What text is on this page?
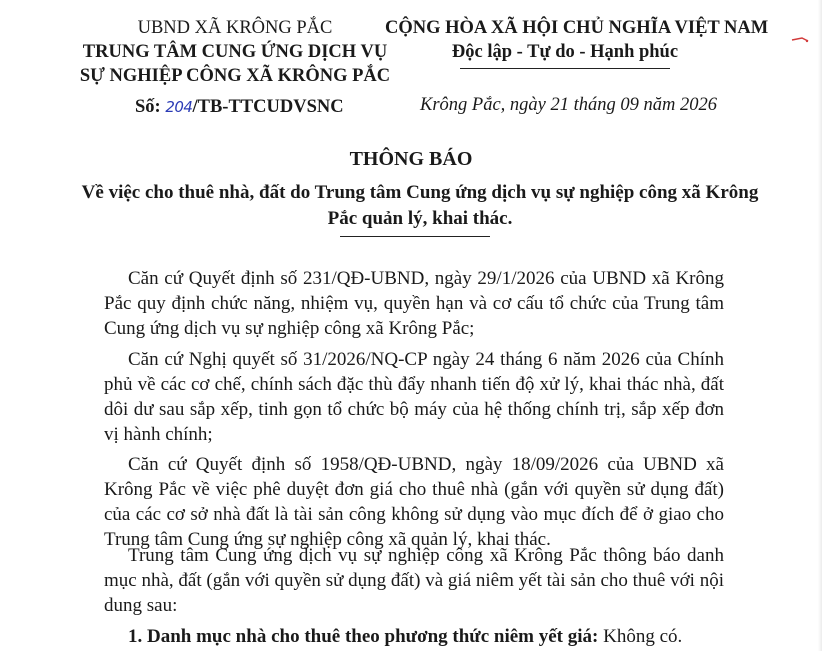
UBND XÃ KRÔNG PẮC
TRUNG TÂM CUNG ỨNG DỊCH VỤ
SỰ NGHIỆP CÔNG XÃ KRÔNG PẮC
CỘNG HÒA XÃ HỘI CHỦ NGHĨA VIỆT NAM
Độc lập - Tự do - Hạnh phúc
Số: 204/TB-TTCUDVSNC	Krông Pắc, ngày 21 tháng 09 năm 2026
THÔNG BÁO
Về việc cho thuê nhà, đất do Trung tâm Cung ứng dịch vụ sự nghiệp công xã Krông Pắc quản lý, khai thác.
Căn cứ Quyết định số 231/QĐ-UBND, ngày 29/1/2026 của UBND xã Krông Pắc quy định chức năng, nhiệm vụ, quyền hạn và cơ cấu tổ chức của Trung tâm Cung ứng dịch vụ sự nghiệp công xã Krông Pắc;
Căn cứ Nghị quyết số 31/2026/NQ-CP ngày 24 tháng 6 năm 2026 của Chính phủ về các cơ chế, chính sách đặc thù đẩy nhanh tiến độ xử lý, khai thác nhà, đất dôi dư sau sắp xếp, tinh gọn tổ chức bộ máy của hệ thống chính trị, sắp xếp đơn vị hành chính;
Căn cứ Quyết định số 1958/QĐ-UBND, ngày 18/09/2026 của UBND xã Krông Pắc về việc phê duyệt đơn giá cho thuê nhà (gắn với quyền sử dụng đất) của các cơ sở nhà đất là tài sản công không sử dụng vào mục đích để ở giao cho Trung tâm Cung ứng sự nghiệp công xã quản lý, khai thác.
Trung tâm Cung ứng dịch vụ sự nghiệp công xã Krông Pắc thông báo danh mục nhà, đất (gắn với quyền sử dụng đất) và giá niêm yết tài sản cho thuê với nội dung sau:
1. Danh mục nhà cho thuê theo phương thức niêm yết giá: Không có.
